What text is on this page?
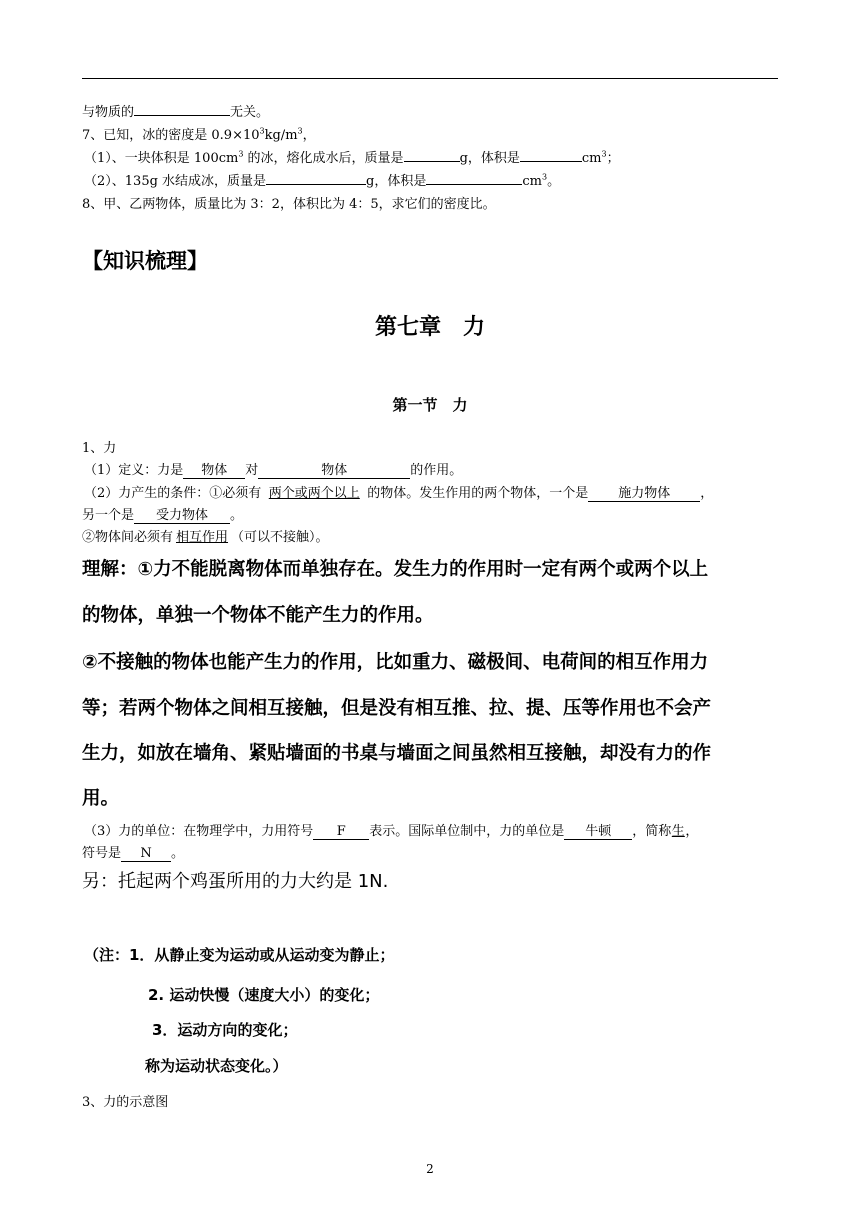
与物质的	无关。
7、已知，冰的密度是 $0.9\times 10^3kg/m^3$，
（1）、一块体积是 $100cm^3$ 的冰，熔化成水后，质量是	g，体积是	$cm^3$；
（2）、135g 水结成冰，质量是	g，体积是	$cm^3$。
8、甲、乙两物体，质量比为 3：2，体积比为 4：5，求它们的密度比。
【知识梳理】
第七章　力
第一节　力
1、力
（1）定义：力是 物体 对	物体	的作用。
（2）力产生的条件：①必须有 两个或两个以上 的物体。发生作用的两个物体，一个是 施力物体 ，
另一个是 受力物体 。
②物体间必须有 相互作用 （可以不接触）。
理解：①力不能脱离物体而单独存在。发生力的作用时一定有两个或两个以上
的物体，单独一个物体不能产生力的作用。
②不接触的物体也能产生力的作用，比如重力、磁极间、电荷间的相互作用力
等；若两个物体之间相互接触，但是没有相互推、拉、提、压等作用也不会产
生力，如放在墙角、紧贴墙面的书桌与墙面之间虽然相互接触，却没有力的作
用。
（3）力的单位：在物理学中，力用符号 F 表示。国际单位制中，力的单位是 牛顿 ，简称生，
符号是 N 。
另：托起两个鸡蛋所用的力大约是 1N.
（注：1．从静止变为运动或从运动变为静止；
2. 运动快慢（速度大小）的变化；
3．运动方向的变化；
称为运动状态变化。）
3、力的示意图
2
